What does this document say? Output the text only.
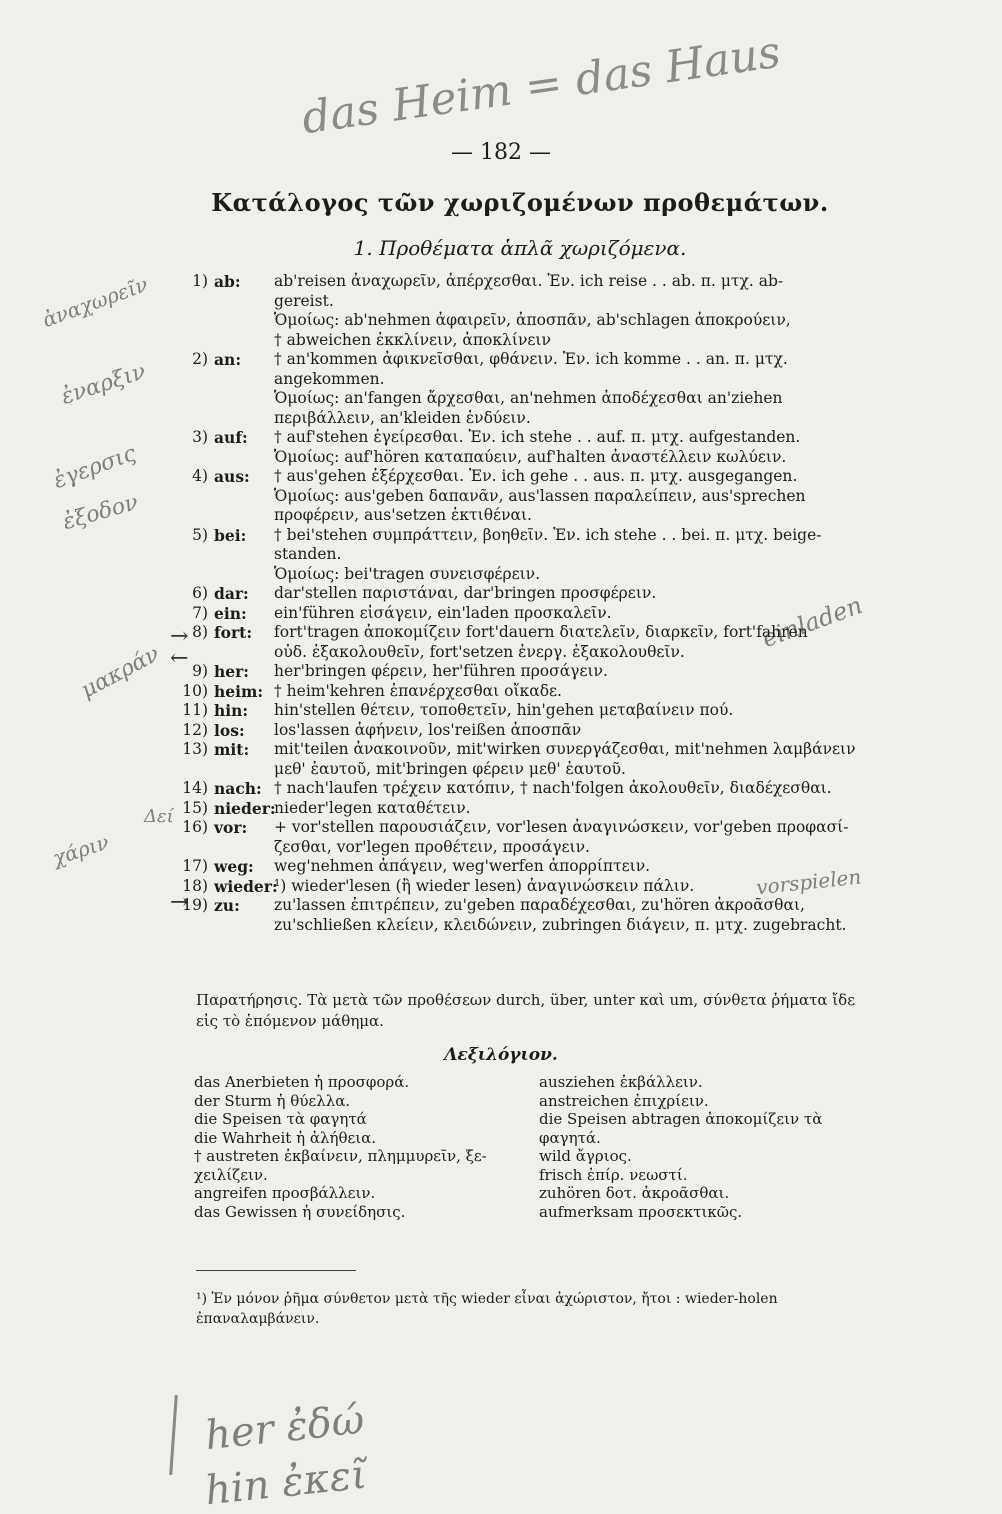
das Heim = das Haus
— 182 —
Κατάλογος τῶν χωριζομένων προθεμάτων.
1. Προθέματα ἁπλᾶ χωριζόμενα.
ἀναχωρεῖν
ἐναρξιν
ἐγερσις
ἐξοδον
μακράν
einladen
Δεί
χάριν
vorspielen
→
←
→
1) ab:	ab'reisen ἀναχωρεῖν, ἀπέρχεσθαι. Ἐν. ich reise . . ab. π. μτχ. ab-
gereist.
Ὁμοίως: ab'nehmen ἀφαιρεῖν, ἀποσπᾶν, ab'schlagen ἀποκρούειν,
† abweichen ἐκκλίνειν, ἀποκλίνειν
2) an:	† an'kommen ἀφικνεῖσθαι, φθάνειν. Ἐν. ich komme . . an. π. μτχ.
angekommen.
Ὁμοίως: an'fangen ἄρχεσθαι, an'nehmen ἀποδέχεσθαι an'ziehen
περιβάλλειν, an'kleiden ἐνδύειν.
3) auf:	† auf'stehen ἐγείρεσθαι. Ἐν. ich stehe . . auf. π. μτχ. aufgestanden.
Ὁμοίως: auf'hören καταπαύειν, auf'halten ἀναστέλλειν κωλύειν.
4) aus:	† aus'gehen ἐξέρχεσθαι. Ἐν. ich gehe . . aus. π. μτχ. ausgegangen.
Ὁμοίως: aus'geben δαπανᾶν, aus'lassen παραλείπειν, aus'sprechen
προφέρειν, aus'setzen ἐκτιθέναι.
5) bei:	† bei'stehen συμπράττειν, βοηθεῖν. Ἐν. ich stehe . . bei. π. μτχ. beige-
standen.
Ὁμοίως: bei'tragen συνεισφέρειν.
6) dar:	dar'stellen παριστάναι, dar'bringen προσφέρειν.
7) ein:	ein'führen εἰσάγειν, ein'laden προσκαλεῖν.
8) fort:	fort'tragen ἀποκομίζειν fort'dauern διατελεῖν, διαρκεῖν, fort'fahren
οὐδ. ἐξακολουθεῖν, fort'setzen ἐνεργ. ἐξακολουθεῖν.
9) her:	her'bringen φέρειν, her'führen προσάγειν.
10) heim: † heim'kehren ἐπανέρχεσθαι οἴκαδε.
11) hin:	hin'stellen θέτειν, τοποθετεῖν, hin'gehen μεταβαίνειν πού.
12) los:	los'lassen ἀφήνειν, los'reißen ἀποσπᾶν
13) mit:	mit'teilen ἀνακοινοῦν, mit'wirken συνεργάζεσθαι, mit'nehmen λαμβάνειν
μεθ' ἑαυτοῦ, mit'bringen φέρειν μεθ' ἑαυτοῦ.
14) nach: † nach'laufen τρέχειν κατόπιν, † nach'folgen ἀκολουθεῖν, διαδέχεσθαι.
15) nieder:
nieder'legen καταθέτειν.
16) vor:	+ vor'stellen παρουσιάζειν, vor'lesen ἀναγινώσκειν, vor'geben προφασί-
ζεσθαι, vor'legen προθέτειν, προσάγειν.
17) weg:	weg'nehmen ἀπάγειν, weg'werfen ἀπορρίπτειν.
18) wieder:
¹) wieder'lesen (ἢ wieder lesen) ἀναγινώσκειν πάλιν.
19) zu:	zu'lassen ἐπιτρέπειν, zu'geben παραδέχεσθαι, zu'hören ἀκροᾶσθαι,
zu'schließen κλείειν, κλειδώνειν, zubringen διάγειν, π. μτχ. zugebracht.
Παρατήρησις. Τὰ μετὰ τῶν προθέσεων durch, über, unter καὶ um, σύνθετα ῥήματα ἴδε εἰς τὸ ἑπόμενον μάθημα.
Λεξιλόγιον.
das Anerbieten ἡ προσφορά.
der Sturm ἡ θύελλα.
die Speisen τὰ φαγητά
die Wahrheit ἡ ἀλήθεια.
† austreten ἐκβαίνειν, πλημμυρεῖν, ξε-
χειλίζειν.
angreifen προσβάλλειν.
das Gewissen ἡ συνείδησις.
ausziehen ἐκβάλλειν.
anstreichen ἐπιχρίειν.
die Speisen abtragen ἀποκομίζειν τὰ
φαγητά.
wild ἄγριος.
frisch ἐπίρ. νεωστί.
zuhören δοτ. ἀκροᾶσθαι.
aufmerksam προσεκτικῶς.
¹) Ἐν μόνον ῥῆμα σύνθετον μετὰ τῆς wieder εἶναι ἀχώριστον, ἤτοι : wieder-holen ἐπαναλαμβάνειν.
her ἐδώ
hin ἐκεῖ
